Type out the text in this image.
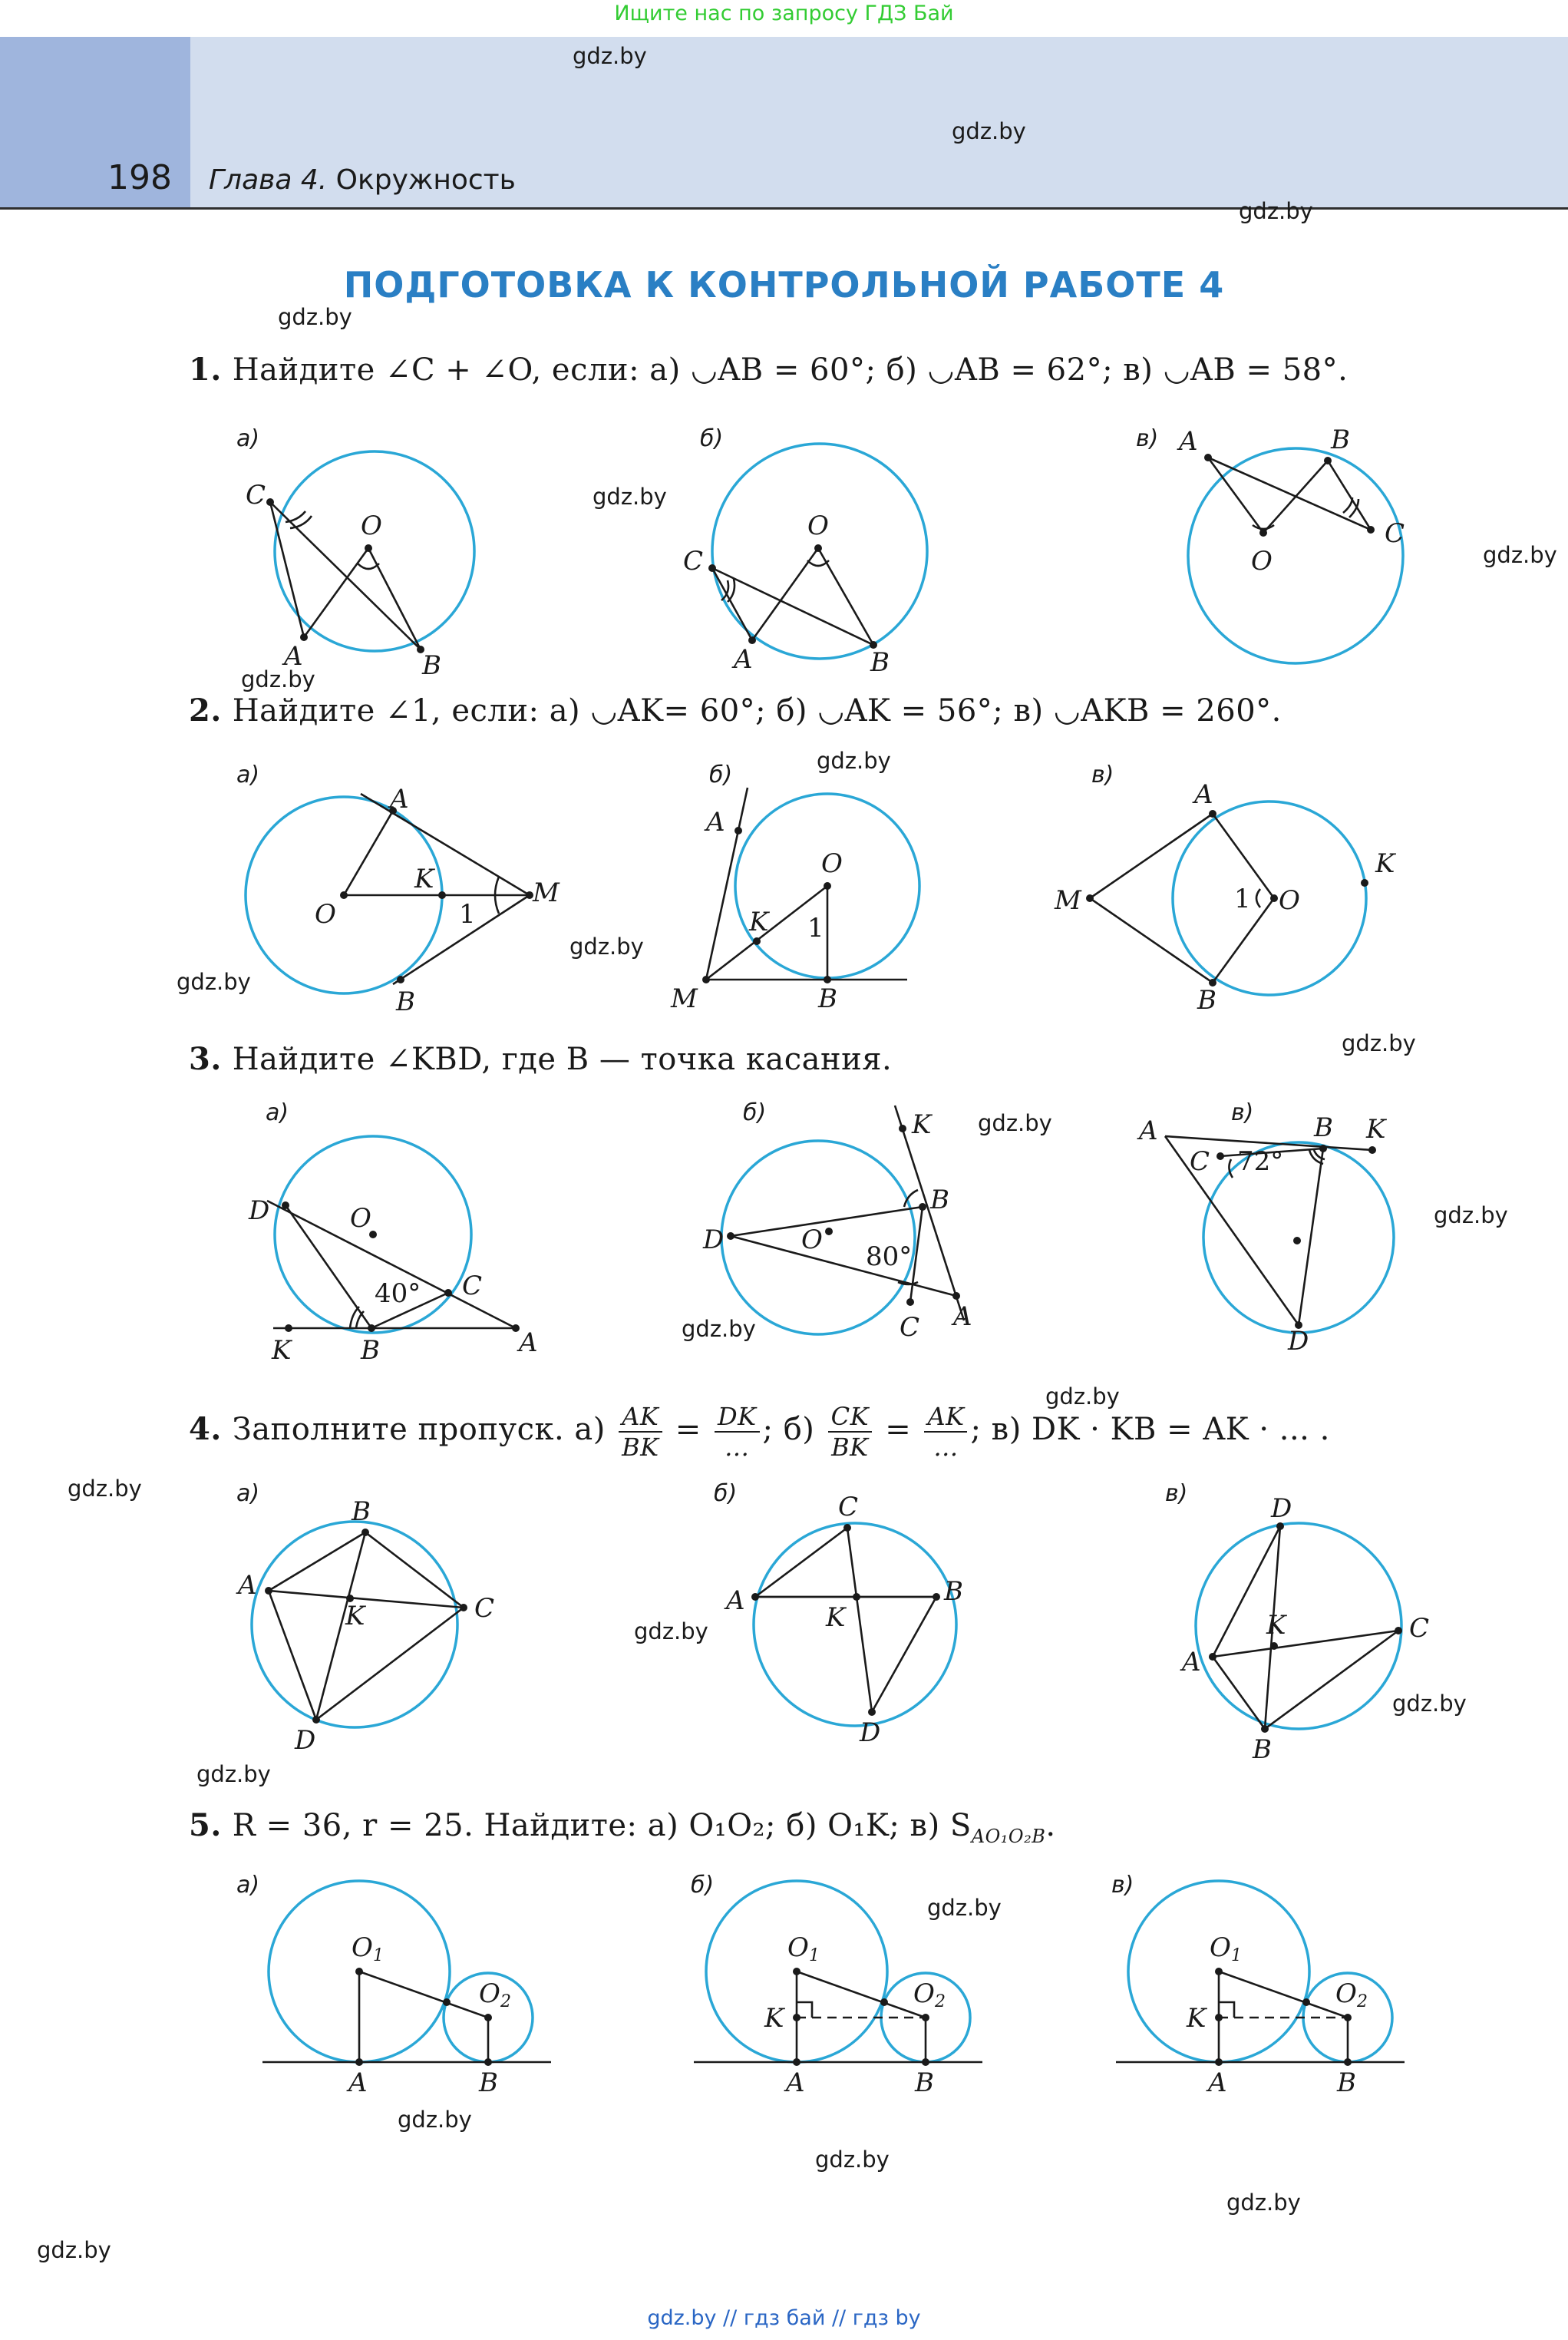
Ищите нас по запросу ГДЗ Бай
198 Глава 4. Окружность
gdz.by
gdz.by
gdz.by
gdz.by
gdz.by
gdz.by
gdz.by
gdz.by
gdz.by
gdz.by
gdz.by
gdz.by
gdz.by
gdz.by
gdz.by
gdz.by
gdz.by
gdz.by
gdz.by
gdz.by
gdz.by
gdz.by
gdz.by
gdz.by
ПОДГОТОВКА К КОНТРОЛЬНОЙ РАБОТЕ 4
1. Найдите ∠C + ∠O, если: а) ◡AB = 60°; б) ◡AB = 62°; в) ◡AB = 58°.
а)
C
O
A	B
б)
C
O
A	B
в) A	B
C
O
2. Найдите ∠1, если: а) ◡AK= 60°; б) ◡AK = 56°; в) ◡AKB = 260°.
а)
O
A
K	M
B
1
б)
A
O
K
M	B
1
в)
A
O
B
M
K
1
3. Найдите ∠KBD, где B — точка касания.
а)
D	O
C
B
K	A
40°
б)	K
B
D	O
C A
80°
в)
A	B K
C
D
72°
4. Заполните пропуск. $а) \frac{AK}{BK} = \frac{DK}{...}$ ; $б) \frac{CK}{BK} = \frac{AK}{...}$ ; в) DK · KB = AK · ... .
а)
A
B
C
D
K
б)
A
C
B
D
K
в)	D
A
C
B
K
5. R = 36, r = 25. Найдите: а) O₁O₂; б) O₁K; в) $S_{AO_1O_2B}$.
а)
O 1
O 2
A	B
б)
O 1
O 2
K
A	B
в)
O 1
O 2
K
A	B
gdz.by // гдз бай // гдз by
